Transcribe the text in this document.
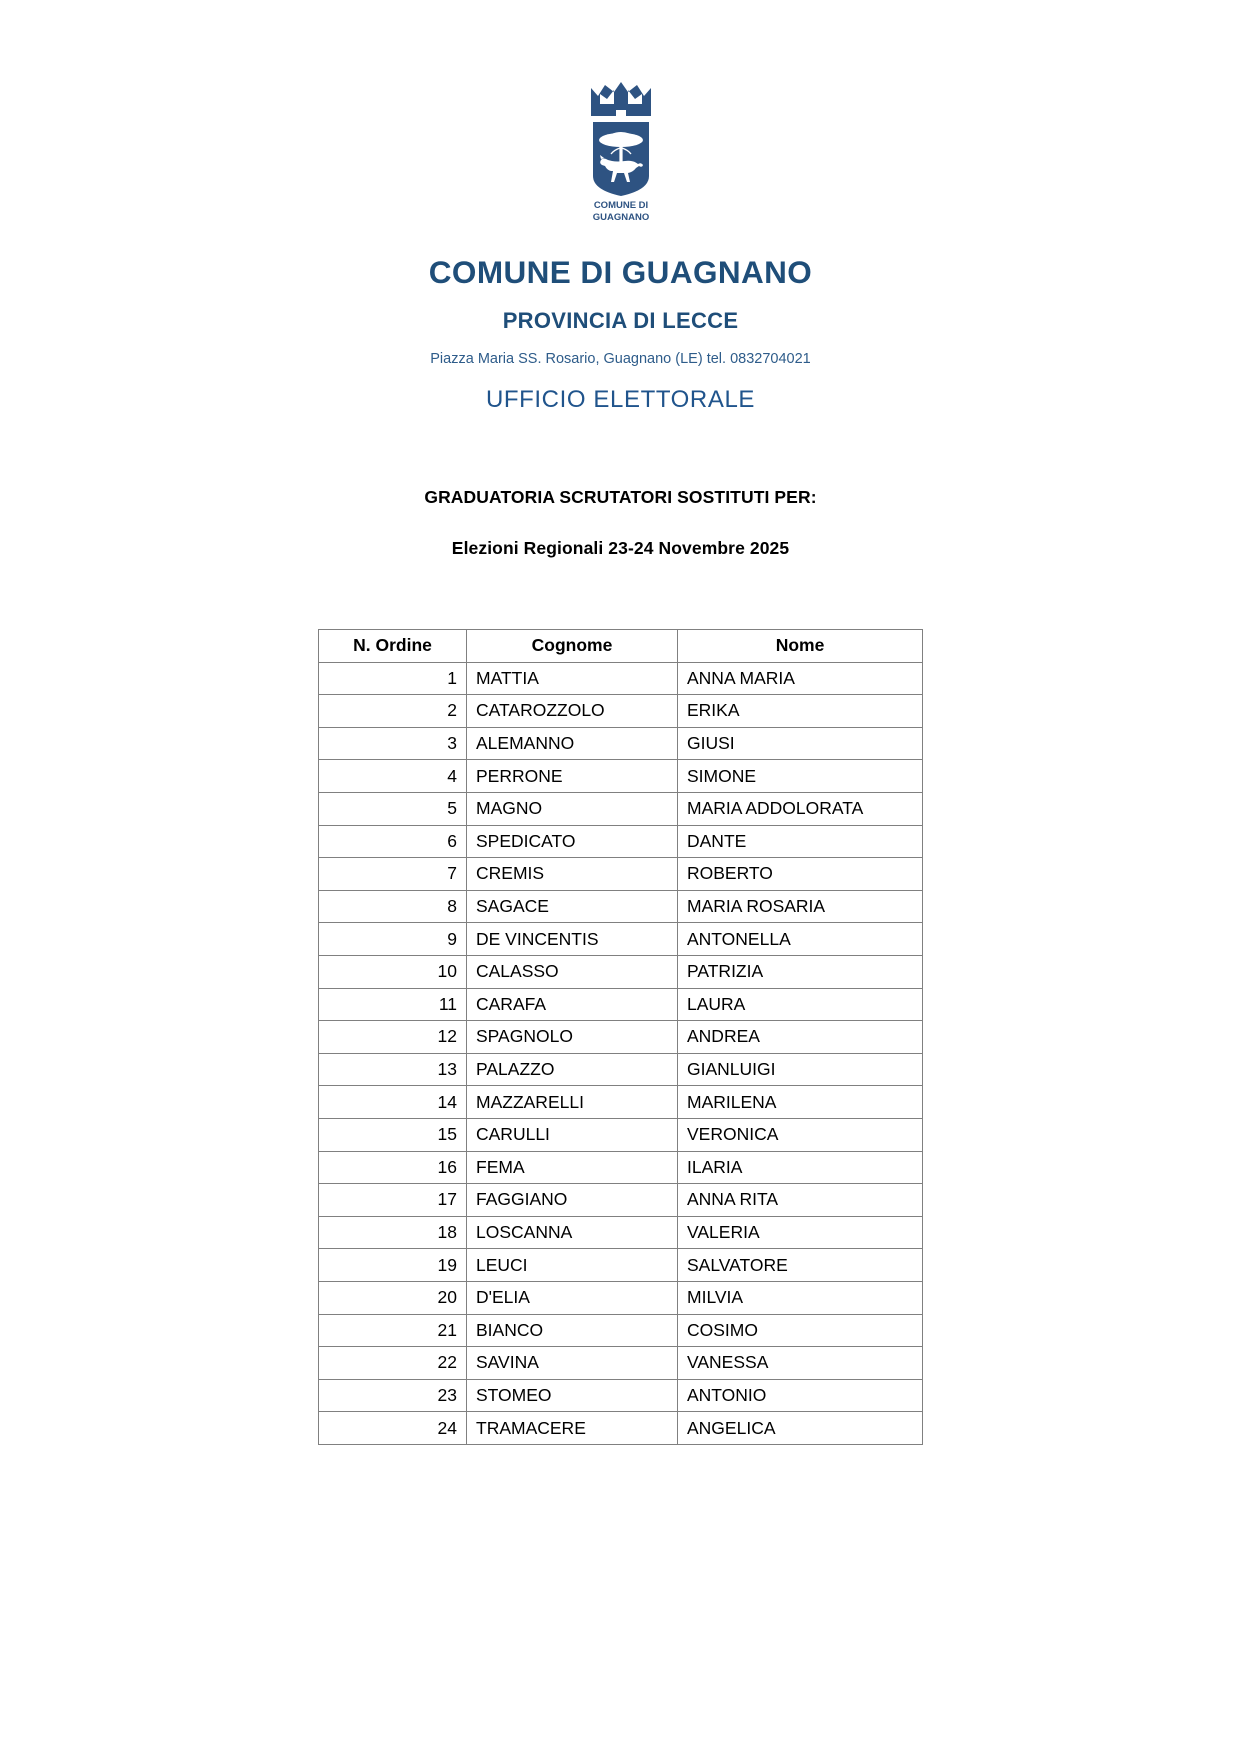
COMUNE DI
GUAGNANO
COMUNE DI GUAGNANO
PROVINCIA DI LECCE
Piazza Maria SS. Rosario, Guagnano (LE) tel. 0832704021
UFFICIO ELETTORALE
GRADUATORIA SCRUTATORI SOSTITUTI PER:
Elezioni Regionali 23-24 Novembre 2025
N. Ordine	Cognome	Nome
1	MATTIA	ANNA MARIA
2	CATAROZZOLO	ERIKA
3	ALEMANNO	GIUSI
4	PERRONE	SIMONE
5	MAGNO	MARIA ADDOLORATA
6	SPEDICATO	DANTE
7	CREMIS	ROBERTO
8	SAGACE	MARIA ROSARIA
9	DE VINCENTIS	ANTONELLA
10	CALASSO	PATRIZIA
11	CARAFA	LAURA
12	SPAGNOLO	ANDREA
13	PALAZZO	GIANLUIGI
14	MAZZARELLI	MARILENA
15	CARULLI	VERONICA
16	FEMA	ILARIA
17	FAGGIANO	ANNA RITA
18	LOSCANNA	VALERIA
19	LEUCI	SALVATORE
20	D'ELIA	MILVIA
21	BIANCO	COSIMO
22	SAVINA	VANESSA
23	STOMEO	ANTONIO
24	TRAMACERE	ANGELICA
